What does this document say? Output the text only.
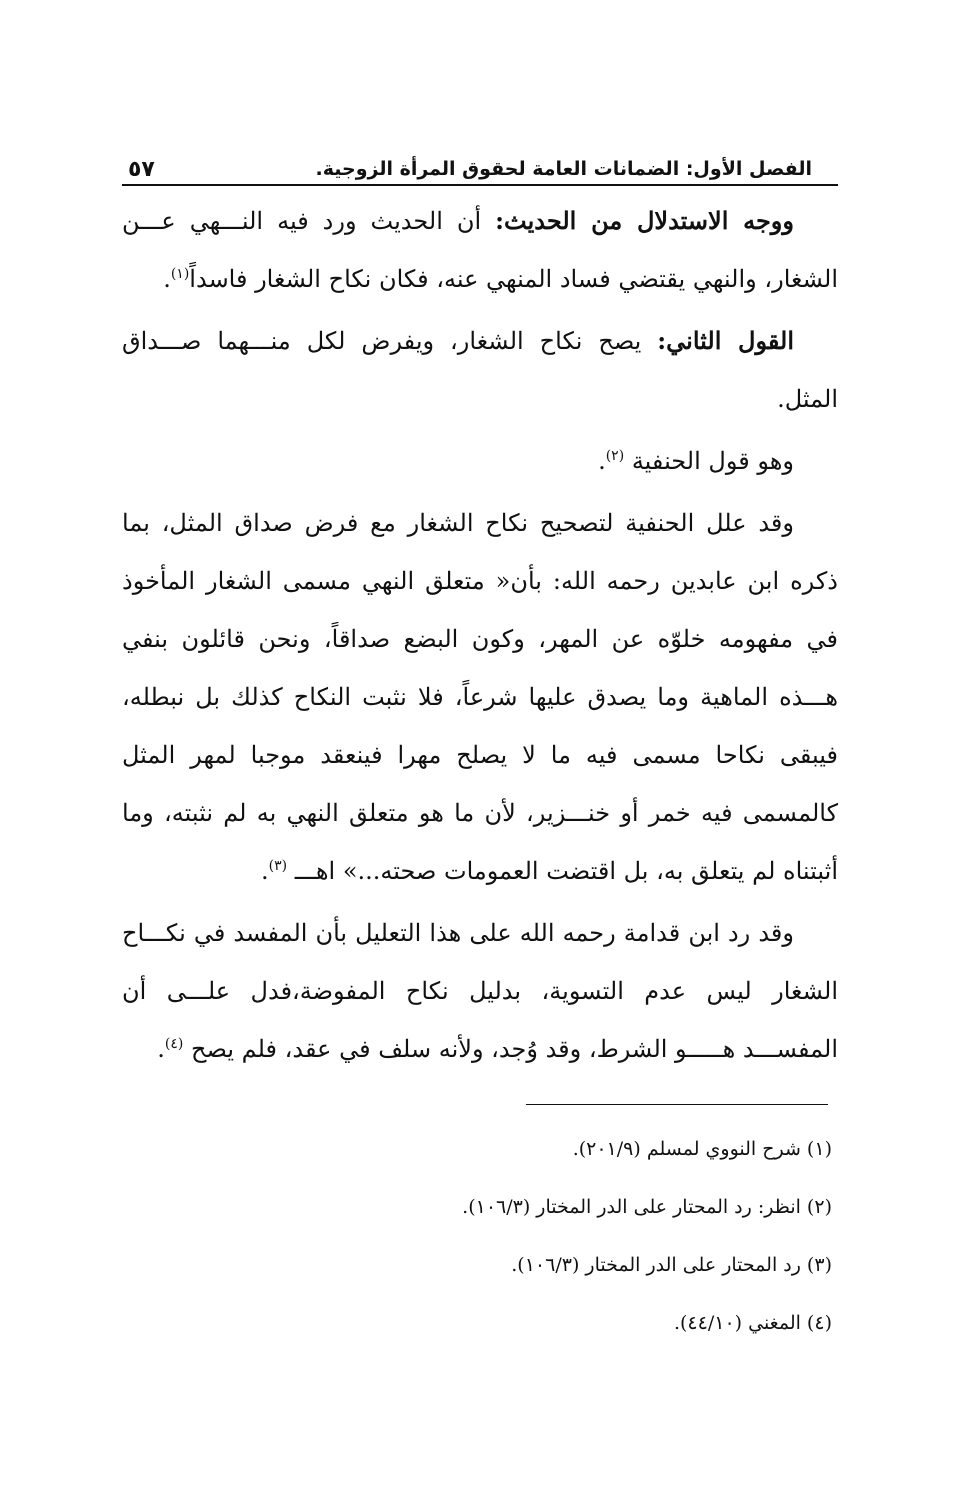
الفصل الأول: الضمانات العامة لحقوق المرأة الزوجية.
٥٧

ووجه الاستدلال من الحديث: أن الحديث ورد فيه النـــهي عـــن الشغار، والنهي يقتضي فساد المنهي عنه، فكان نكاح الشغار فاسداً$^{(١)}$.

القول الثاني: يصح نكاح الشغار، ويفرض لكل منـــهما صـــداق المثل.

وهو قول الحنفية $^{(٢)}$.

وقد علل الحنفية لتصحيح نكاح الشغار مع فرض صداق المثل، بما ذكره ابن عابدين رحمه الله: بأن« متعلق النهي مسمى الشغار المأخوذ في مفهومه خلوّه عن المهر، وكون البضع صداقاً، ونحن قائلون بنفي هـــذه الماهية وما يصدق عليها شرعاً، فلا نثبت النكاح كذلك بل نبطله، فيبقى نكاحا مسمى فيه ما لا يصلح مهرا فينعقد موجبا لمهر المثل كالمسمى فيه خمر أو خنـــزير، لأن ما هو متعلق النهي به لم نثبته، وما أثبتناه لم يتعلق به، بل اقتضت العمومات صحته...» اهـــ $^{(٣)}$.

وقد رد ابن قدامة رحمه الله على هذا التعليل بأن المفسد في نكـــاح الشغار ليس عدم التسوية، بدليل نكاح المفوضة،فدل علـــى أن المفســـد هـــــو الشرط، وقد وُجد، ولأنه سلف في عقد، فلم يصح $^{(٤)}$.

(١) شرح النووي لمسلم (٢٠١/٩).
(٢) انظر: رد المحتار على الدر المختار (١٠٦/٣).
(٣) رد المحتار على الدر المختار (١٠٦/٣).
(٤) المغني (٤٤/١٠).
